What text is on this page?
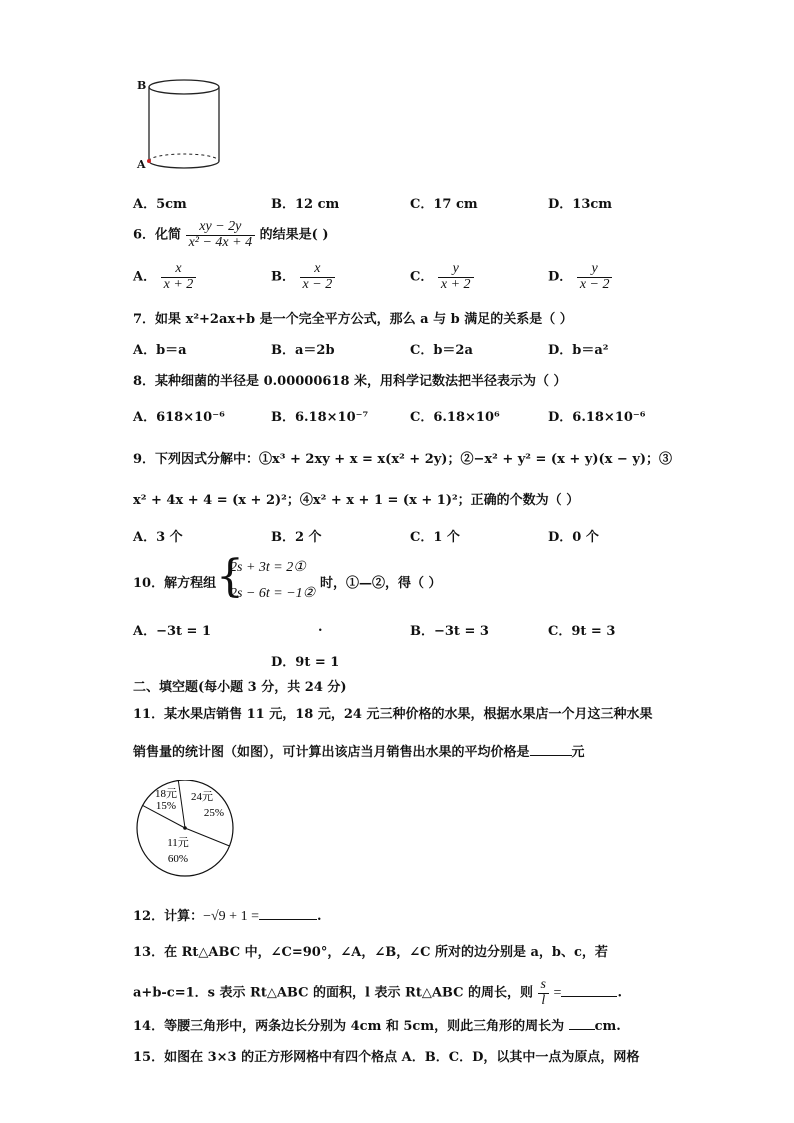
B
A
A．5cm	B．12 cm	C．17 cm	D．13cm
6．化简 $\frac{xy - 2y}{\text{x² − 4x + 4}}$ 的结果是( )
A． $\frac{x}{x + 2}$	B． $\frac{x}{x - 2}$	C． $\frac{y}{x + 2}$	D． $\frac{y}{x - 2}$
7．如果 x²+2ax+b 是一个完全平方公式，那么 a 与 b 满足的关系是（ ）
A．b＝a	B．a＝2b	C．b＝2a	D．b＝a²
8．某种细菌的半径是 0.00000618 米，用科学记数法把半径表示为（ ）
A．618×10⁻⁶	B．6.18×10⁻⁷	C．6.18×10⁶	D．6.18×10⁻⁶
9．下列因式分解中：①x³ + 2xy + x = x(x² + 2y)；②−x² + y² = (x + y)(x − y)；③
x² + 4x + 4 = (x + 2)²；④x² + x + 1 = (x + 1)²；正确的个数为（ ）
A．3 个	B．2 个	C．1 个	D．0 个
10．解方程组 {
2s + 3t = 2①
2s − 6t = −1②
时，①—②，得（ ）
A．−3t = 1	.	B．−3t = 3	C．9t = 3
D．9t = 1
二、填空题(每小题 3 分，共 24 分)
11．某水果店销售 11 元，18 元，24 元三种价格的水果，根据水果店一个月这三种水果
销售量的统计图（如图），可计算出该店当月销售出水果的平均价格是	元
11元
60%
18元
15%
24元
25%
12．计算：−√9 + 1 =	.
13．在 Rt△ABC 中，∠C=90°，∠A，∠B，∠C 所对的边分别是 a，b、c，若
a+b-c=1．s 表示 Rt△ABC 的面积，l 表示 Rt△ABC 的周长，则 $\frac{s}{l}$ =	.
14．等腰三角形中，两条边长分别为 4cm 和 5cm，则此三角形的周长为 cm.
15．如图在 3×3 的正方形网格中有四个格点 A．B．C．D，以其中一点为原点，网格
